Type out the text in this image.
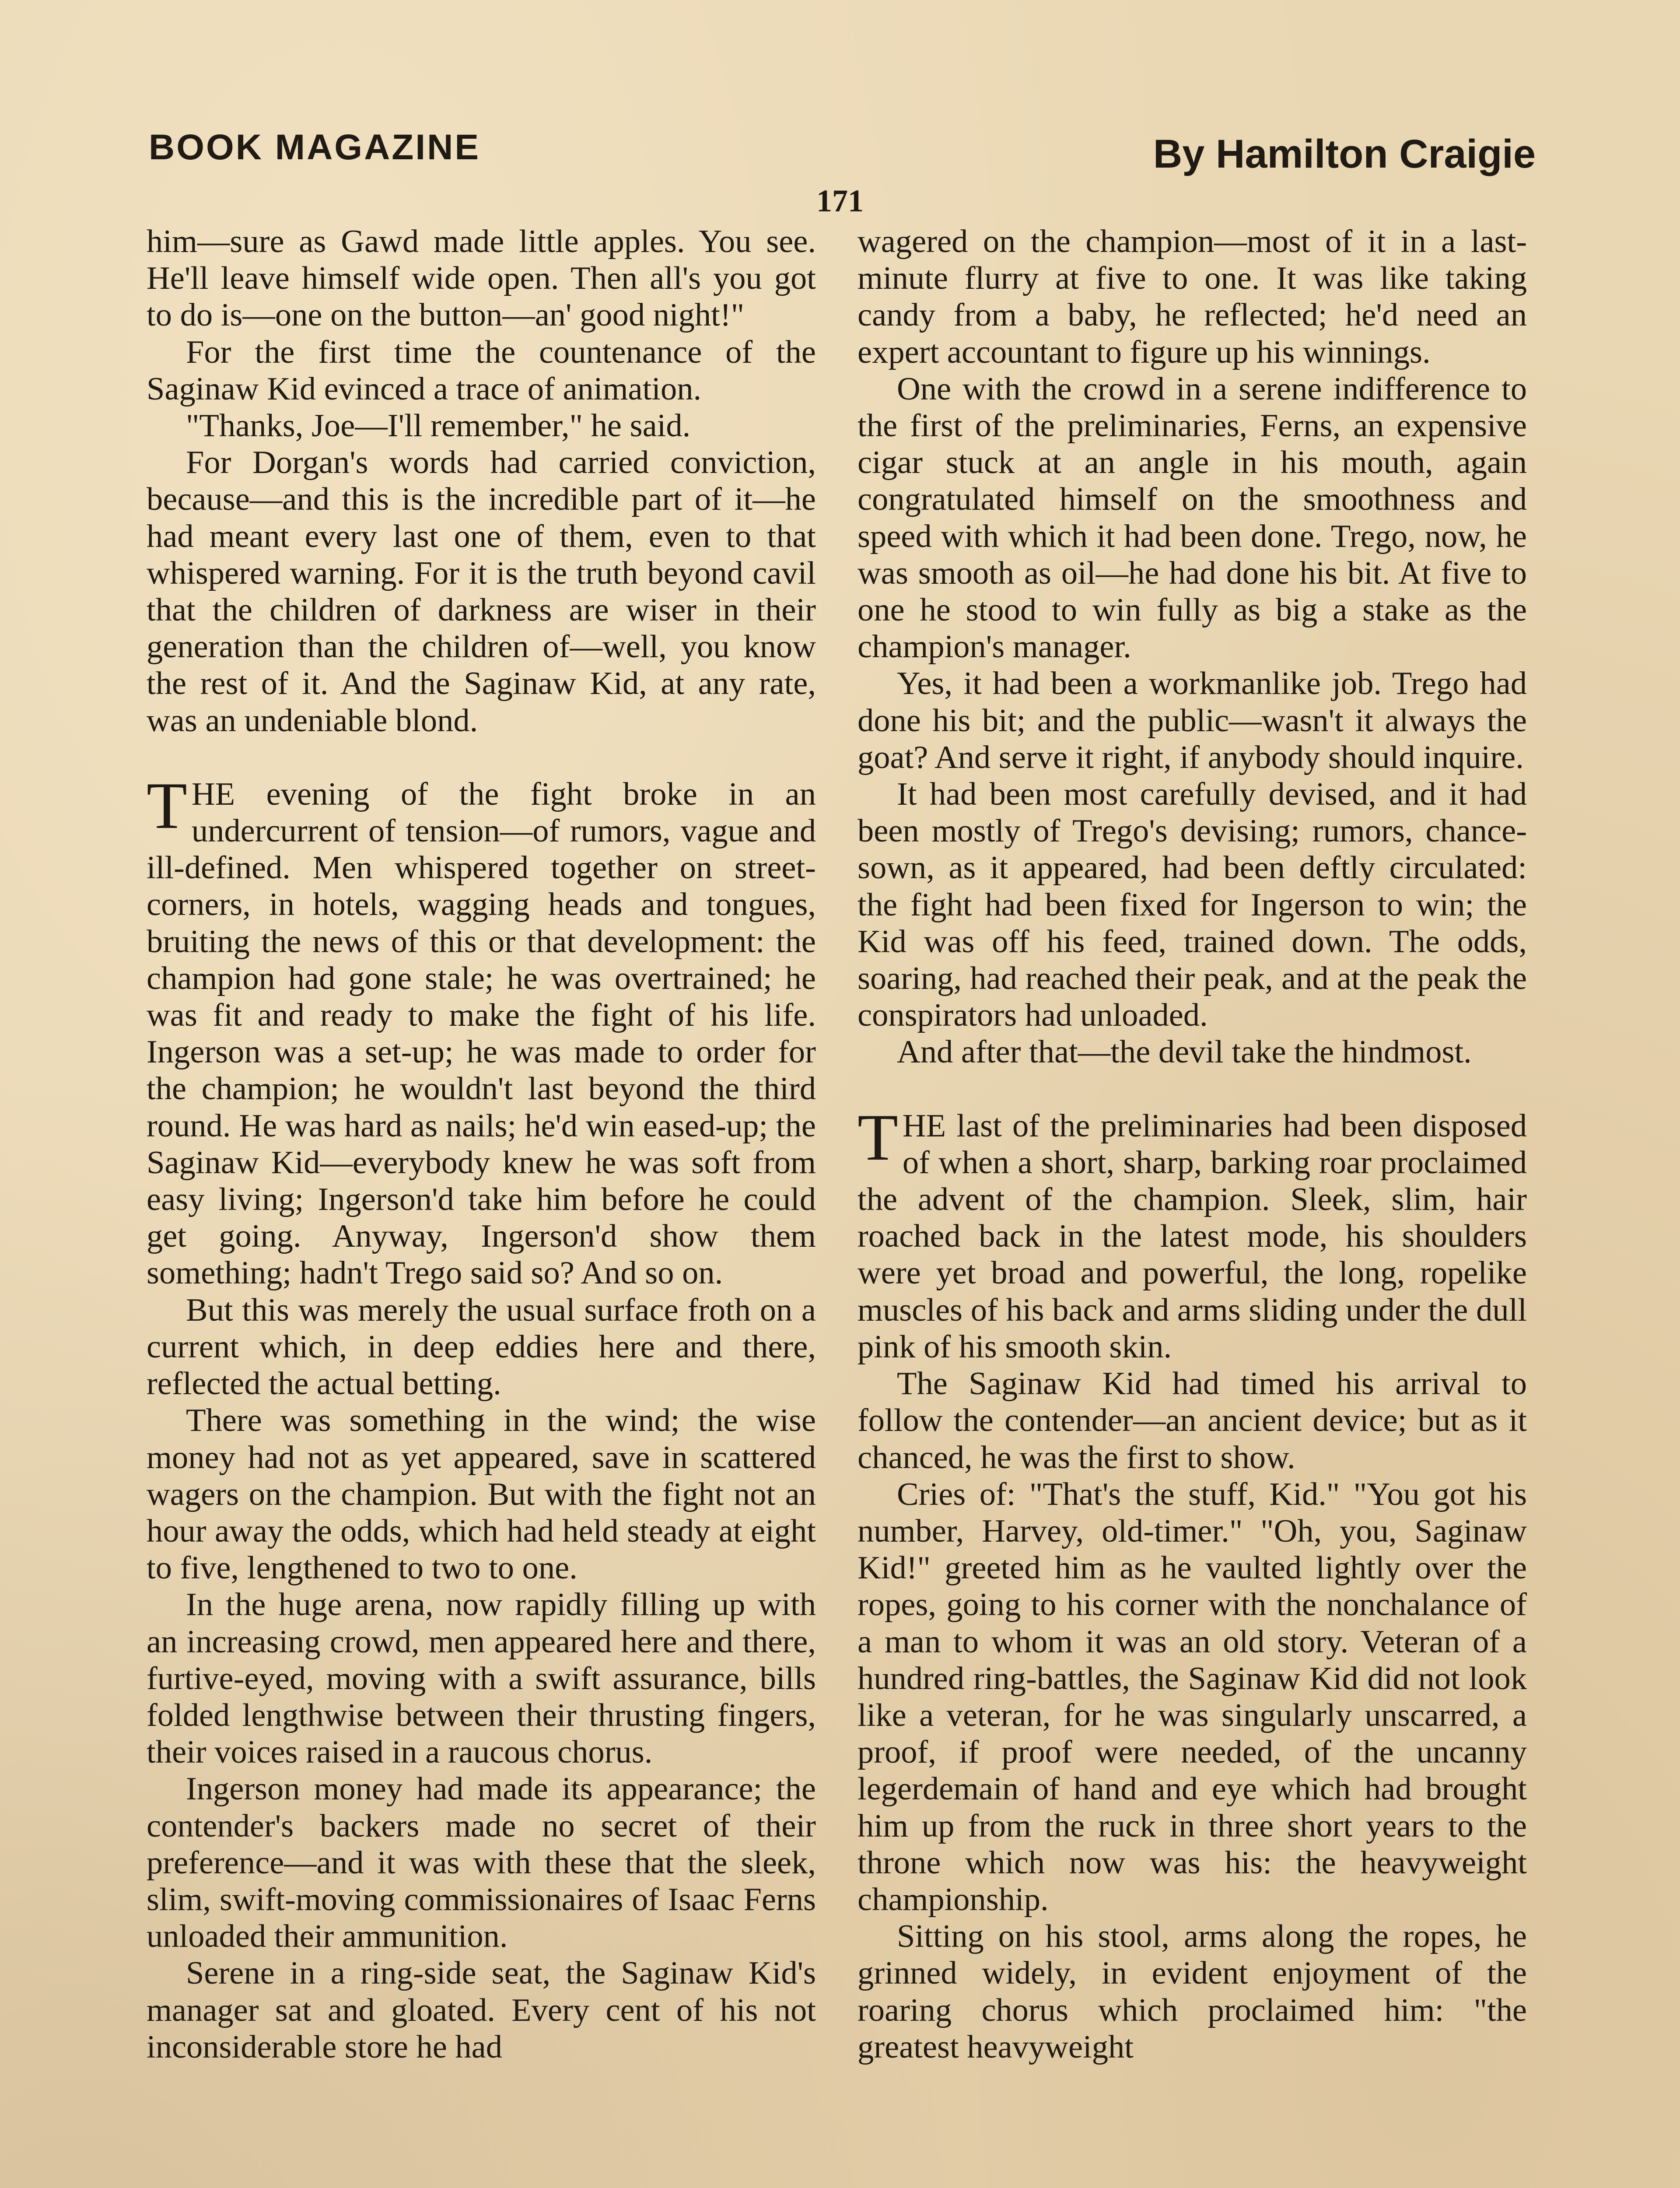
BOOK MAGAZINE	By Hamilton Craigie
171

him—sure as Gawd made little apples. You see. He'll leave himself wide open. Then all's you got to do is—one on the button—an' good night!"

For the first time the countenance of the Saginaw Kid evinced a trace of animation.

"Thanks, Joe—I'll remember," he said.

For Dorgan's words had carried conviction, because—and this is the incredible part of it—he had meant every last one of them, even to that whispered warning. For it is the truth beyond cavil that the children of darkness are wiser in their generation than the children of—well, you know the rest of it. And the Saginaw Kid, at any rate, was an undeniable blond.

THE evening of the fight broke in an undercurrent of tension—of rumors, vague and ill-defined. Men whispered together on street-corners, in hotels, wagging heads and tongues, bruiting the news of this or that development: the champion had gone stale; he was overtrained; he was fit and ready to make the fight of his life. Ingerson was a set-up; he was made to order for the champion; he wouldn't last beyond the third round. He was hard as nails; he'd win eased-up; the Saginaw Kid—everybody knew he was soft from easy living; Ingerson'd take him before he could get going. Anyway, Ingerson'd show them something; hadn't Trego said so? And so on.

But this was merely the usual surface froth on a current which, in deep eddies here and there, reflected the actual betting.

There was something in the wind; the wise money had not as yet appeared, save in scattered wagers on the champion. But with the fight not an hour away the odds, which had held steady at eight to five, lengthened to two to one.

In the huge arena, now rapidly filling up with an increasing crowd, men appeared here and there, furtive-eyed, moving with a swift assurance, bills folded lengthwise between their thrusting fingers, their voices raised in a raucous chorus.

Ingerson money had made its appearance; the contender's backers made no secret of their preference—and it was with these that the sleek, slim, swift-moving commissionaires of Isaac Ferns unloaded their ammunition.

Serene in a ring-side seat, the Saginaw Kid's manager sat and gloated. Every cent of his not inconsiderable store he had

wagered on the champion—most of it in a last-minute flurry at five to one. It was like taking candy from a baby, he reflected; he'd need an expert accountant to figure up his winnings.

One with the crowd in a serene indifference to the first of the preliminaries, Ferns, an expensive cigar stuck at an angle in his mouth, again congratulated himself on the smoothness and speed with which it had been done. Trego, now, he was smooth as oil—he had done his bit. At five to one he stood to win fully as big a stake as the champion's manager.

Yes, it had been a workmanlike job. Trego had done his bit; and the public—wasn't it always the goat? And serve it right, if anybody should inquire.

It had been most carefully devised, and it had been mostly of Trego's devising; rumors, chance-sown, as it appeared, had been deftly circulated: the fight had been fixed for Ingerson to win; the Kid was off his feed, trained down. The odds, soaring, had reached their peak, and at the peak the conspirators had unloaded.

And after that—the devil take the hindmost.

THE last of the preliminaries had been disposed of when a short, sharp, barking roar proclaimed the advent of the champion. Sleek, slim, hair roached back in the latest mode, his shoulders were yet broad and powerful, the long, ropelike muscles of his back and arms sliding under the dull pink of his smooth skin.

The Saginaw Kid had timed his arrival to follow the contender—an ancient device; but as it chanced, he was the first to show.

Cries of: "That's the stuff, Kid." "You got his number, Harvey, old-timer." "Oh, you, Saginaw Kid!" greeted him as he vaulted lightly over the ropes, going to his corner with the nonchalance of a man to whom it was an old story. Veteran of a hundred ring-battles, the Saginaw Kid did not look like a veteran, for he was singularly unscarred, a proof, if proof were needed, of the uncanny legerdemain of hand and eye which had brought him up from the ruck in three short years to the throne which now was his: the heavyweight championship.

Sitting on his stool, arms along the ropes, he grinned widely, in evident enjoyment of the roaring chorus which proclaimed him: "the greatest heavyweight
